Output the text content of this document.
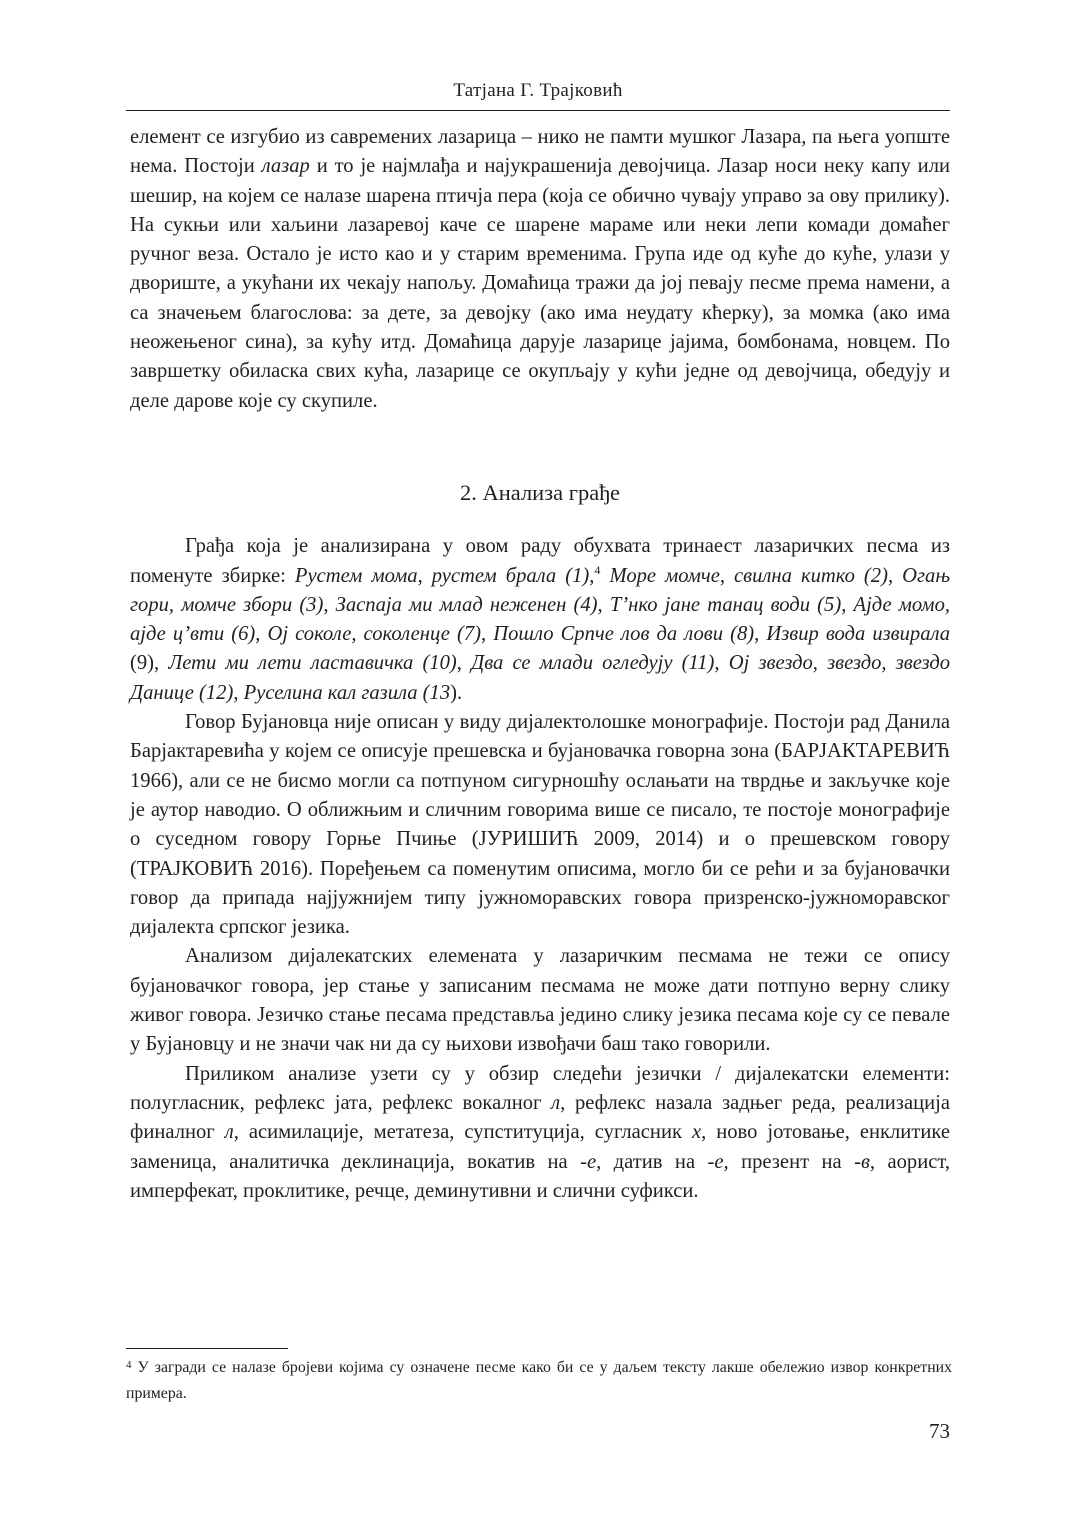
Татјана Г. Трајковић

елемент се изгубио из савремених лазарица – нико не памти мушког Лазара, па њега уопште нема. Постоји лазар и то је најмлађа и најукрашенија девојчица. Лазар носи неку капу или шешир, на којем се налазе шарена птичја пера (која се обично чувају управо за ову прилику). На сукњи или хаљини лазаревој каче се шарене мараме или неки лепи комади домаћег ручног веза. Остало је исто као и у старим временима. Група иде од куће до куће, улази у двориште, а укућани их чекају напољу. Домаћица тражи да јој певају песме према намени, а са значењем благослова: за дете, за девојку (ако има неудату кћерку), за момка (ако има неожењеног сина), за кућу итд. Домаћица дарује лазарице јајима, бомбонама, новцем. По завршетку обиласка свих кућа, лазарице се окупљају у кући једне од девојчица, обедују и деле дарове које су скупиле.

2. Анализа грађе

Грађа која је анализирана у овом раду обухвата тринаест лазаричких песма из поменуте збирке: Рустем мома, рустем брала (1),$^4$ Море момче, свилна китко (2), Огањ гори, момче збори (3), Заспаја ми млад неженен (4), Т’нко јане танац води (5), Ајде момо, ајде ц’вти (6), Ој соколе, соколенце (7), Пошло Српче лов да лови (8), Извир вода извирала (9), Лети ми лети ластавичка (10), Два се млади огледују (11), Ој звездо, звездо, звездо Данице (12), Руселина кал газила (13).

Говор Бујановца није описан у виду дијалектолошке монографије. Постоји рад Данила Барјактаревића у којем се описује прешевска и бујановачка говорна зона (БАРЈАКТАРЕВИЋ 1966), али се не бисмо могли са потпуном сигурношћу ослањати на тврдње и закључке које је аутор наводио. О оближњим и сличним говорима више се писало, те постоје монографије о суседном говору Горње Пчиње (ЈУРИШИЋ 2009, 2014) и о прешевском говору (ТРАЈКОВИЋ 2016). Поређењем са поменутим описима, могло би се рећи и за бујановачки говор да припада најјужнијем типу јужноморавских говора призренско-јужноморавског дијалекта српског језика.

Анализом дијалекатских елемената у лазаричким песмама не тежи се опису бујановачког говора, јер стање у записаним песмама не може дати потпуно верну слику живог говора. Језичко стање песама представља једино слику језика песама које су се певале у Бујановцу и не значи чак ни да су њихови извођачи баш тако говорили.

Приликом анализе узети су у обзир следећи језички / дијалекатски елементи: полугласник, рефлекс јата, рефлекс вокалног л, рефлекс назала задњег реда, реализација финалног л, асимилације, метатеза, супституција, сугласник х, ново јотовање, енклитике заменица, аналитичка деклинација, вокатив на -е, датив на -е, презент на -в, аорист, имперфекат, проклитике, речце, деминутивни и слични суфикси.

$^4$ У загради се налазе бројеви којима су означене песме како би се у даљем тексту лакше обележио извор конкретних примера.
73
